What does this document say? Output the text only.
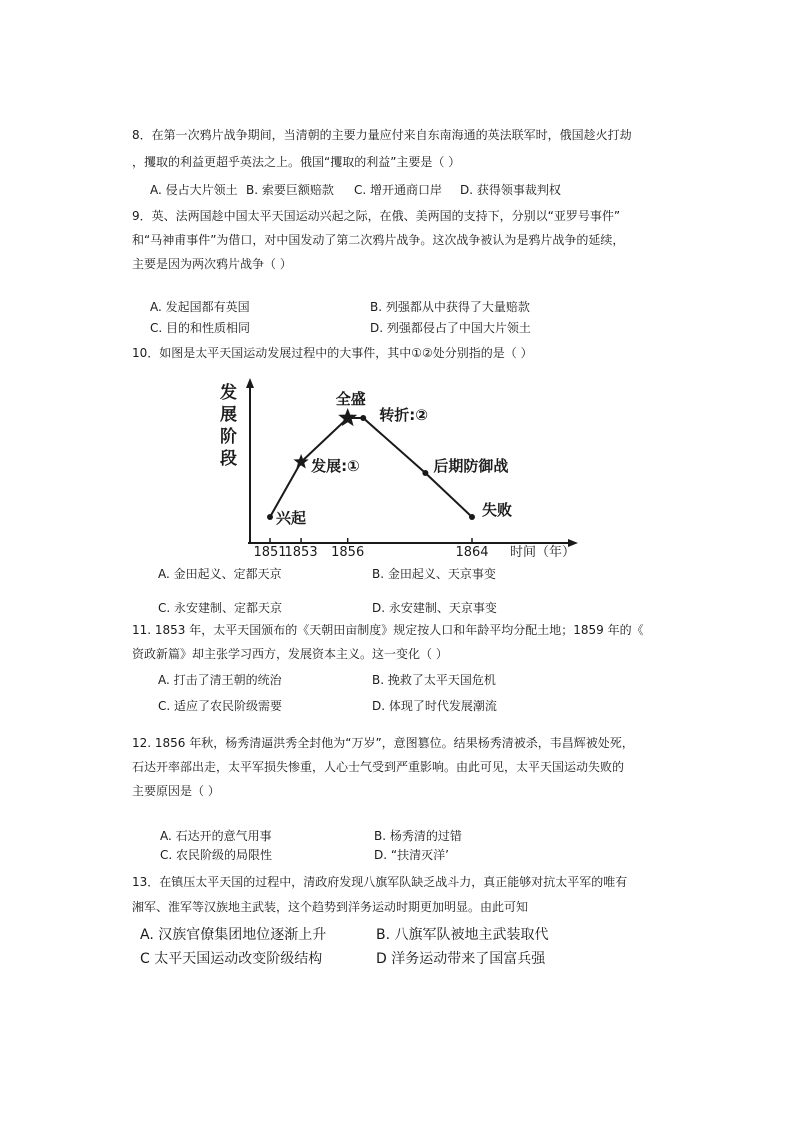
8．在第一次鸦片战争期间，当清朝的主要力量应付来自东南海通的英法联军时，俄国趁火打劫
，攫取的利益更超乎英法之上。俄国“攫取的利益”主要是（ ）
A. 侵占大片领土 B. 索要巨额赔款 C. 增开通商口岸 D. 获得领事裁判权
9．英、法两国趁中国太平天国运动兴起之际，在俄、美两国的支持下，分别以“亚罗号事件”
和“马神甫事件”为借口，对中国发动了第二次鸦片战争。这次战争被认为是鸦片战争的延续，
主要是因为两次鸦片战争（ ）
A. 发起国都有英国	B. 列强都从中获得了大量赔款
C. 目的和性质相同	D. 列强都侵占了中国大片领土
10．如图是太平天国运动发展过程中的大事件，其中①②处分别指的是（ ）
发
展
阶
段
1851
1853 1856	1864
兴起
发展:①
全盛
转折:②
后期防御战
失败
时间（年）
A. 金田起义、定都天京	B. 金田起义、天京事变
C. 永安建制、定都天京	D. 永安建制、天京事变
11. 1853 年，太平天国颁布的《天朝田亩制度》规定按人口和年龄平均分配土地；1859 年的《
资政新篇》却主张学习西方，发展资本主义。这一变化（ ）
A. 打击了清王朝的统治	B. 挽救了太平天国危机
C. 适应了农民阶级需要	D. 体现了时代发展潮流
12. 1856 年秋，杨秀清逼洪秀全封他为“万岁”，意图篡位。结果杨秀清被杀，韦昌辉被处死，
石达开率部出走，太平军损失惨重，人心士气受到严重影响。由此可见，太平天国运动失败的
主要原因是（ ）
A. 石达开的意气用事	B. 杨秀清的过错
C. 农民阶级的局限性	D. “扶清灭洋’
13．在镇压太平天国的过程中，清政府发现八旗军队缺乏战斗力，真正能够对抗太平军的唯有
湘军、淮军等汉族地主武装，这个趋势到洋务运动时期更加明显。由此可知
A. 汉族官僚集团地位逐渐上升	B. 八旗军队被地主武装取代
C 太平天国运动改变阶级结构	D 洋务运动带来了国富兵强
